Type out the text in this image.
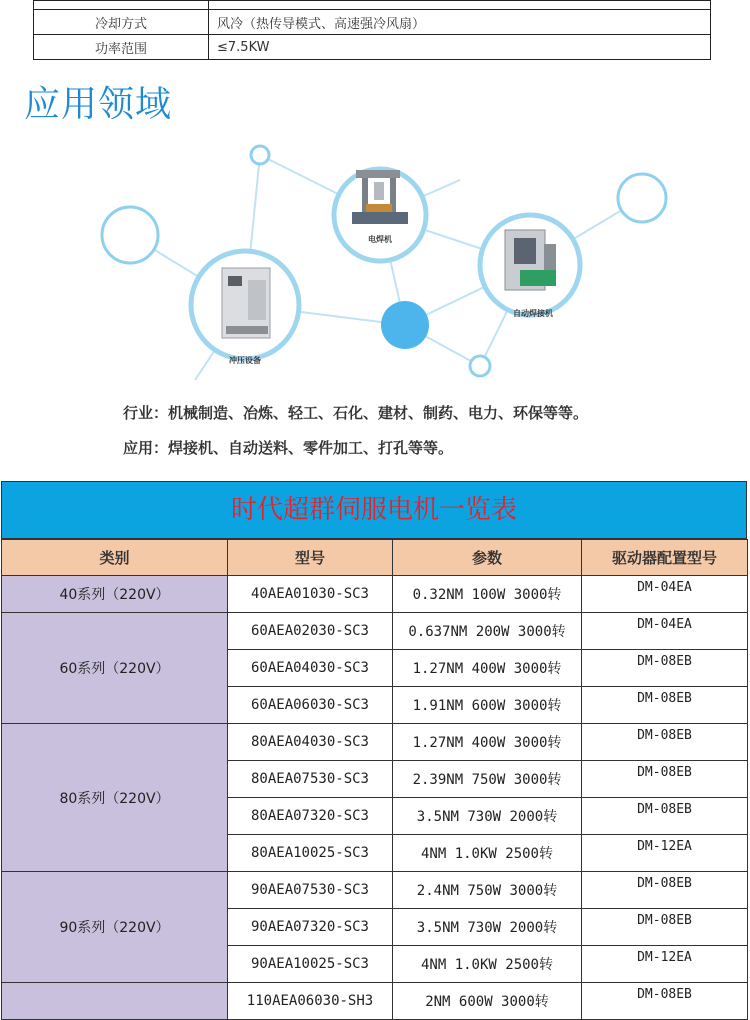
冷却方式	风冷（热传导模式、高速强冷风扇）
功率范围	≤7.5KW
应用领域
电焊机
冲压设备
自动焊接机
行业：机械制造、冶炼、轻工、石化、建材、制药、电力、环保等等。
应用：焊接机、自动送料、零件加工、打孔等等。
时代超群伺服电机一览表
类别	型号	参数	驱动器配置型号
40系列（220V）	40AEA01030-SC3	0.32NM 100W 3000转	DM-04EA
60系列（220V）	60AEA02030-SC3	0.637NM 200W 3000转	DM-04EA
	60AEA04030-SC3	1.27NM 400W 3000转	DM-08EB
	60AEA06030-SC3	1.91NM 600W 3000转	DM-08EB
80系列（220V）	80AEA04030-SC3	1.27NM 400W 3000转	DM-08EB
	80AEA07530-SC3	2.39NM 750W 3000转	DM-08EB
	80AEA07320-SC3	3.5NM 730W 2000转	DM-08EB
	80AEA10025-SC3	4NM 1.0KW 2500转	DM-12EA
90系列（220V）	90AEA07530-SC3	2.4NM 750W 3000转	DM-08EB
	90AEA07320-SC3	3.5NM 730W 2000转	DM-08EB
	90AEA10025-SC3	4NM 1.0KW 2500转	DM-12EA
	110AEA06030-SH3	2NM 600W 3000转	DM-08EB
